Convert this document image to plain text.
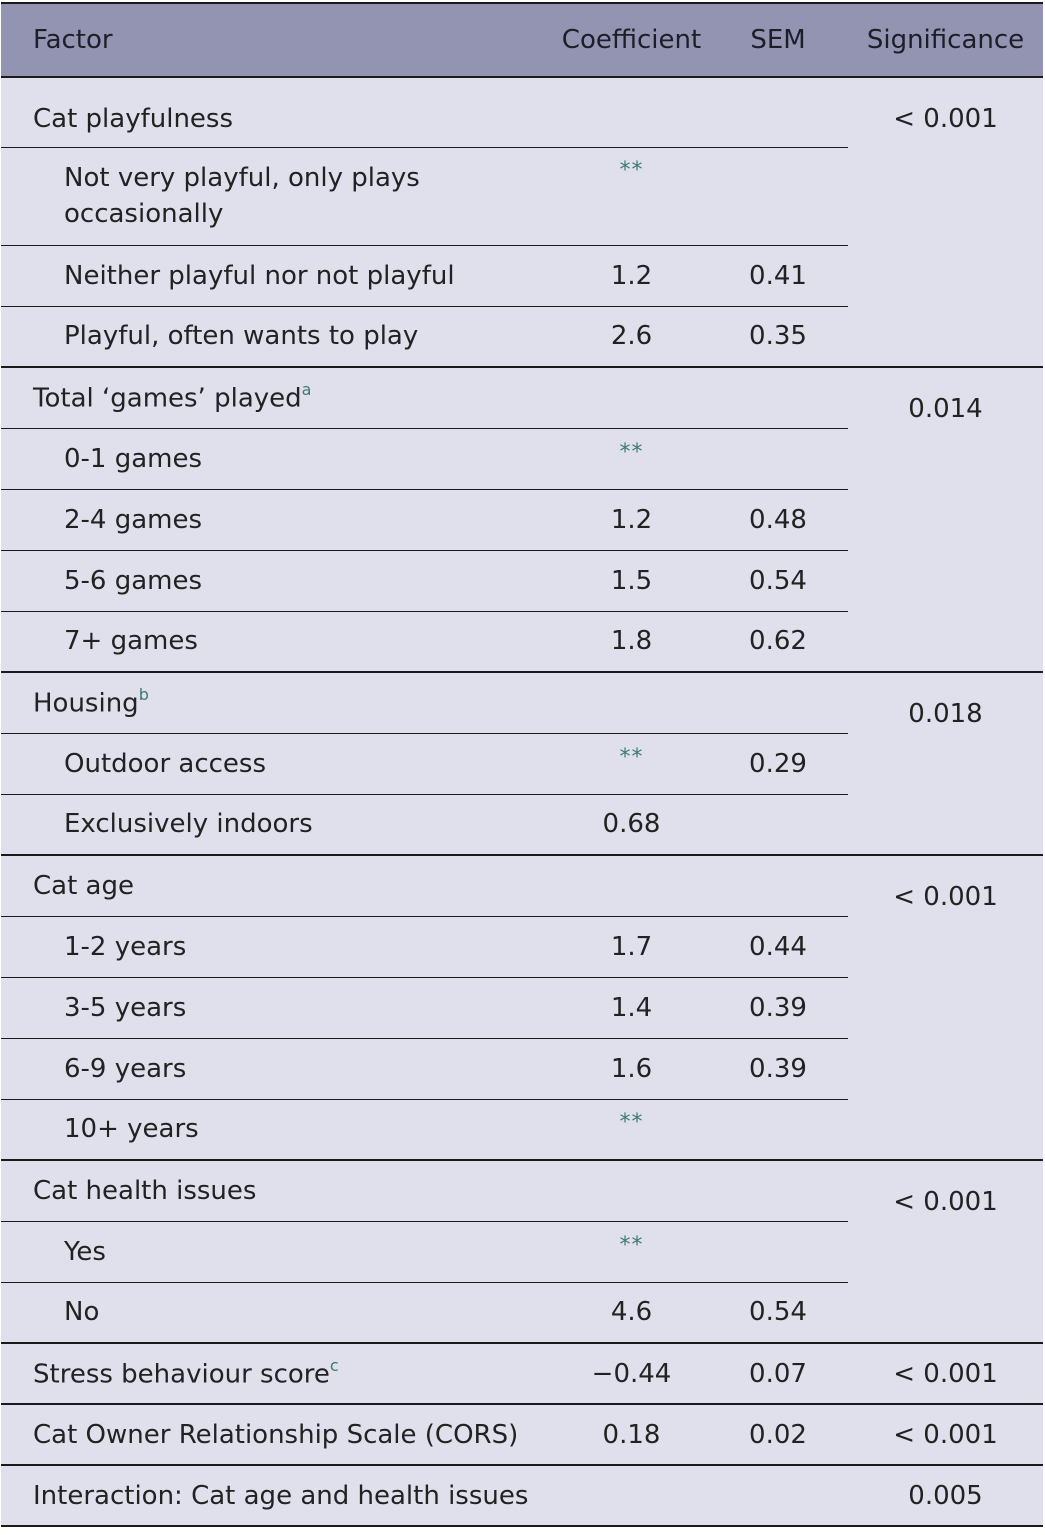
Factor	Coefficient	SEM	Significance
Cat playfulness			< 0.001
Not very playful, only plays occasionally	**	
Neither playful nor not playful	1.2	0.41	
Playful, often wants to play	2.6	0.35	
Total ‘games’ played$^a$			0.014
0-1 games	**	
2-4 games	1.2	0.48	
5-6 games	1.5	0.54	
7+ games	1.8	0.62	
Housing$^b$			0.018
Outdoor access	**	0.29	
Exclusively indoors	0.68		
Cat age			< 0.001
1-2 years	1.7	0.44	
3-5 years	1.4	0.39	
6-9 years	1.6	0.39	
10+ years	**	
Cat health issues			< 0.001
Yes	**	
No	4.6	0.54	
Stress behaviour score$^c$	−0.44	0.07	< 0.001
Cat Owner Relationship Scale (CORS)	0.18	0.02	< 0.001
Interaction: Cat age and health issues			0.005
